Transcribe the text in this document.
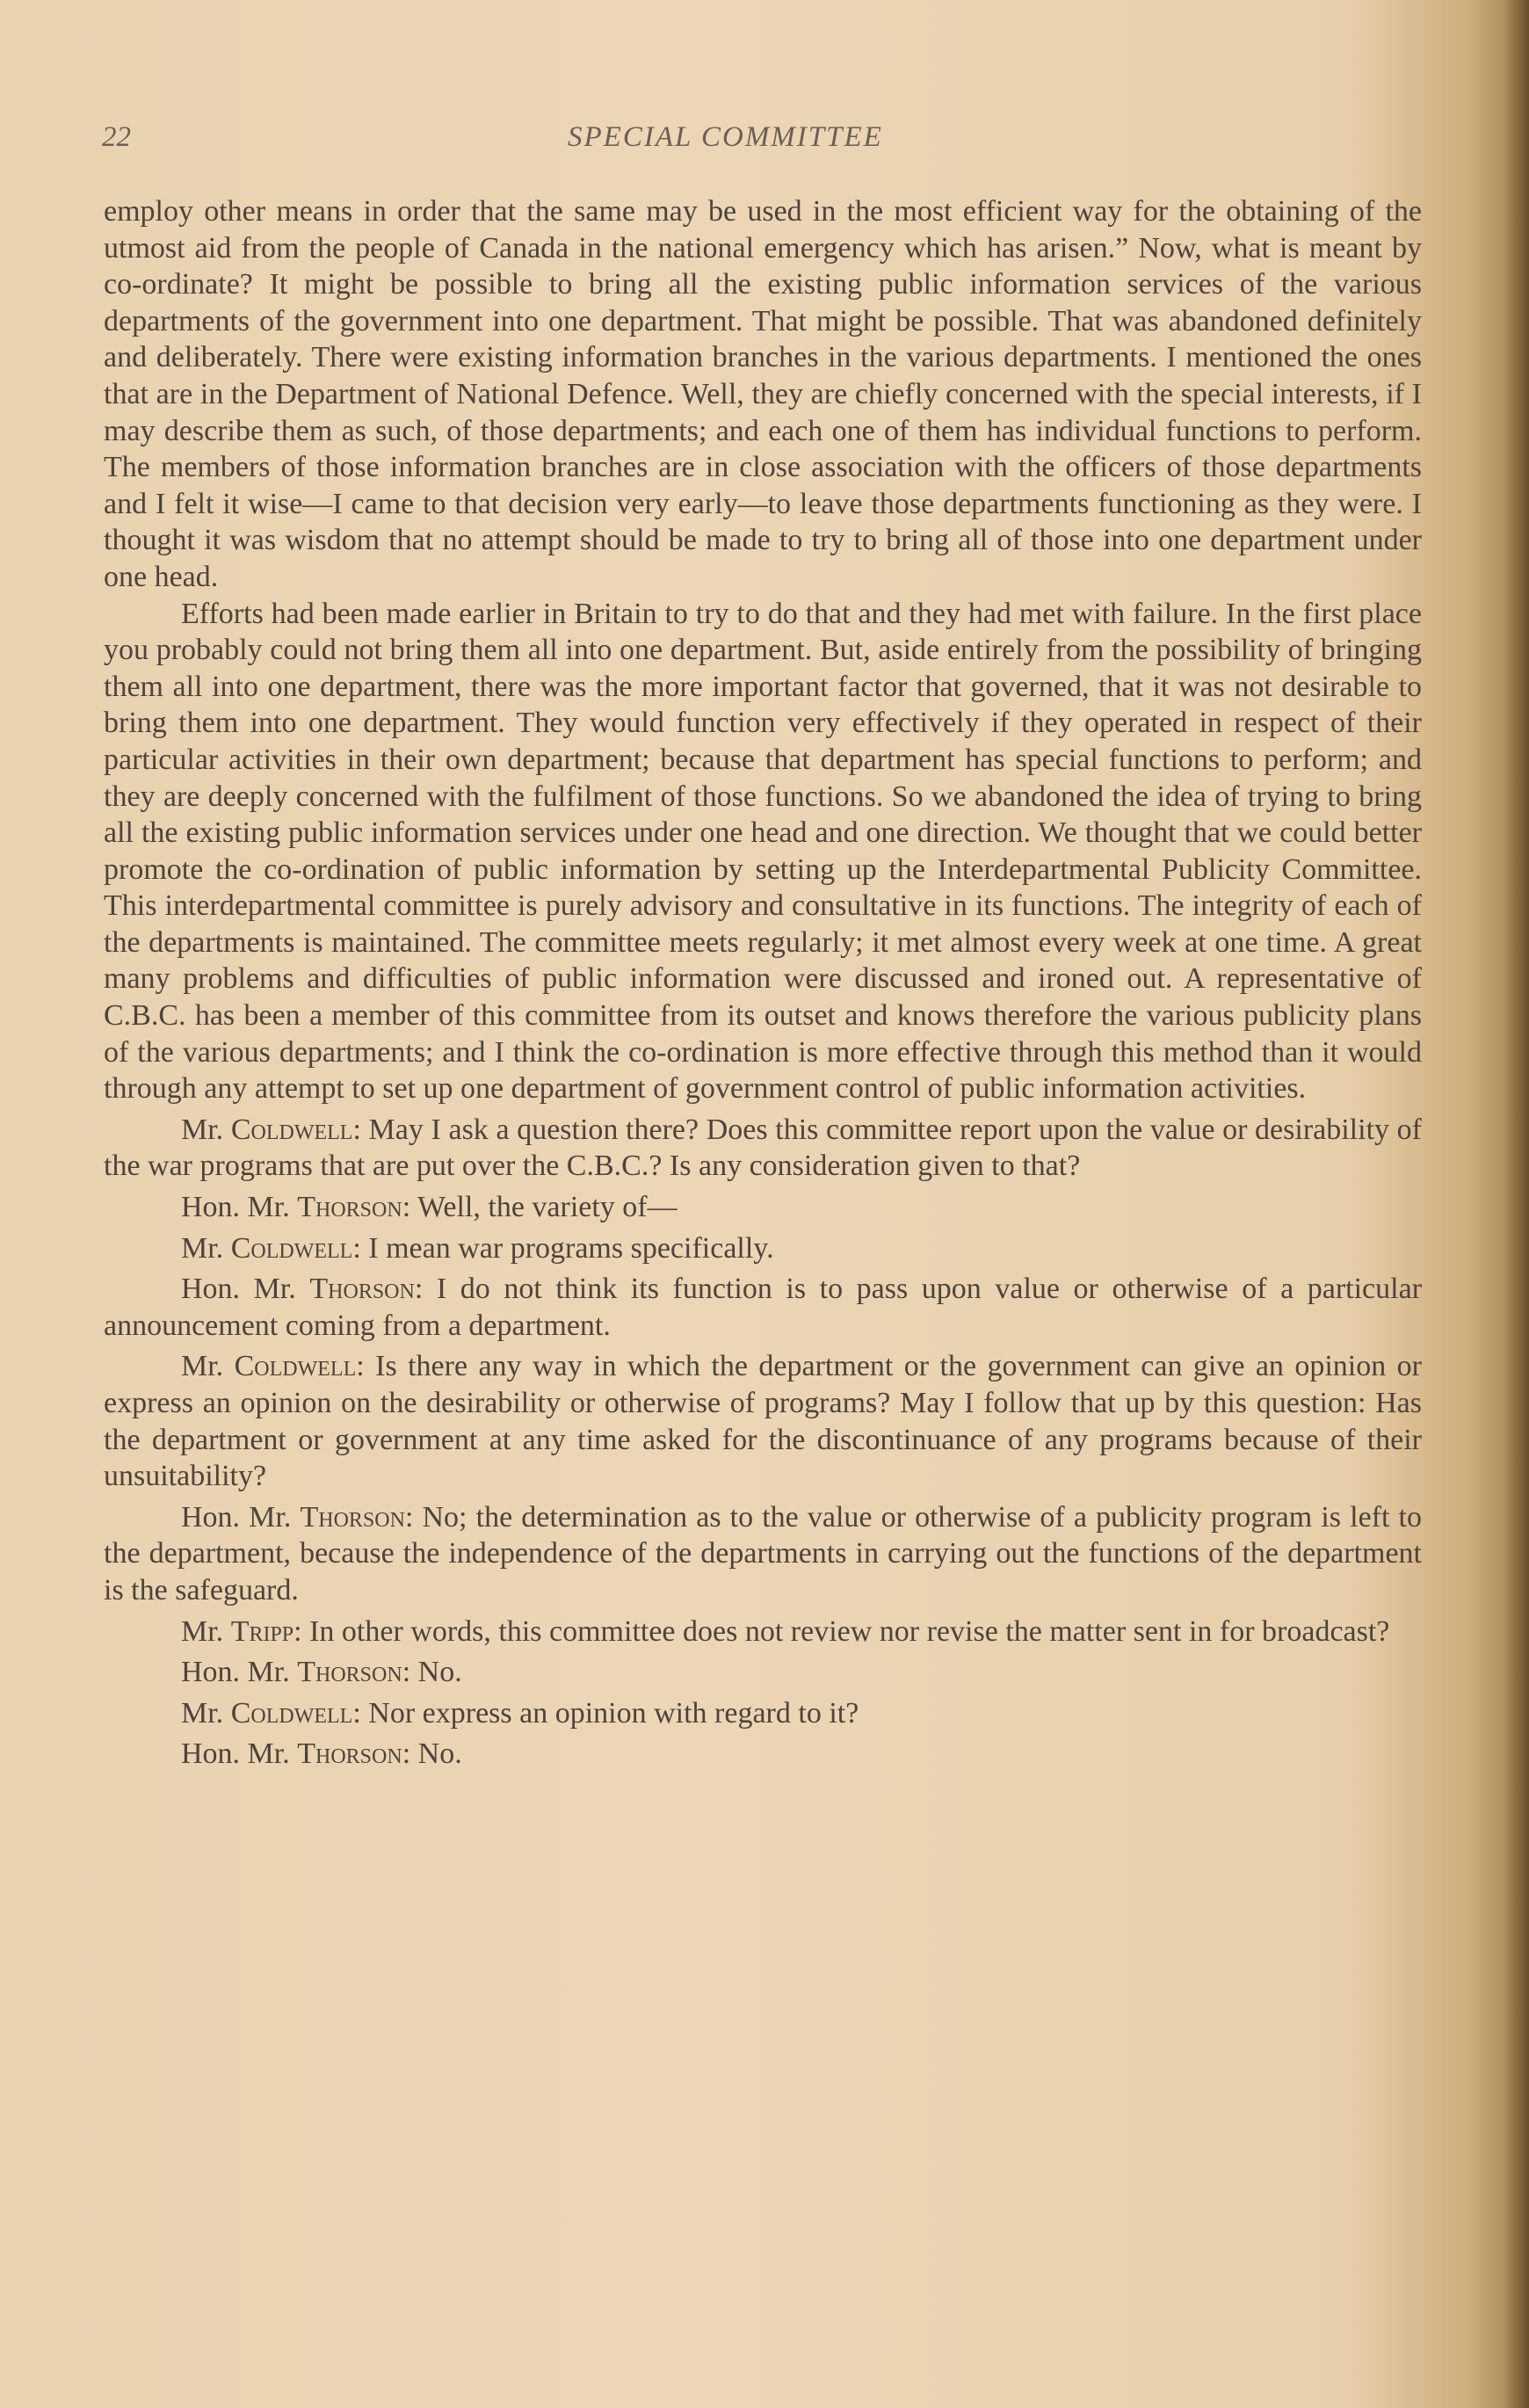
22	SPECIAL COMMITTEE

employ other means in order that the same may be used in the most efficient way for the obtaining of the utmost aid from the people of Canada in the national emergency which has arisen.” Now, what is meant by co-ordinate? It might be possible to bring all the existing public information services of the various departments of the government into one department. That might be possible. That was abandoned definitely and deliberately. There were existing information branches in the various departments. I mentioned the ones that are in the Department of National Defence. Well, they are chiefly concerned with the special interests, if I may describe them as such, of those departments; and each one of them has individual functions to perform. The members of those information branches are in close association with the officers of those departments and I felt it wise—I came to that decision very early—to leave those departments functioning as they were. I thought it was wisdom that no attempt should be made to try to bring all of those into one department under one head.

Efforts had been made earlier in Britain to try to do that and they had met with failure. In the first place you probably could not bring them all into one department. But, aside entirely from the possibility of bringing them all into one department, there was the more important factor that governed, that it was not desirable to bring them into one department. They would function very effectively if they operated in respect of their particular activities in their own department; because that department has special functions to perform; and they are deeply concerned with the fulfilment of those functions. So we abandoned the idea of trying to bring all the existing public information services under one head and one direction. We thought that we could better promote the co-ordination of public information by setting up the Interdepartmental Publicity Committee. This interdepartmental committee is purely advisory and consultative in its functions. The integrity of each of the departments is maintained. The committee meets regularly; it met almost every week at one time. A great many problems and difficulties of public information were discussed and ironed out. A representative of C.B.C. has been a member of this committee from its outset and knows therefore the various publicity plans of the various departments; and I think the co-ordination is more effective through this method than it would through any attempt to set up one department of government control of public information activities.

Mr. Coldwell: May I ask a question there? Does this committee report upon the value or desirability of the war programs that are put over the C.B.C.? Is any consideration given to that?

Hon. Mr. Thorson: Well, the variety of—

Mr. Coldwell: I mean war programs specifically.

Hon. Mr. Thorson: I do not think its function is to pass upon value or otherwise of a particular announcement coming from a department.

Mr. Coldwell: Is there any way in which the department or the government can give an opinion or express an opinion on the desirability or otherwise of programs? May I follow that up by this question: Has the department or government at any time asked for the discontinuance of any programs because of their unsuitability?

Hon. Mr. Thorson: No; the determination as to the value or otherwise of a publicity program is left to the department, because the independence of the departments in carrying out the functions of the department is the safeguard.

Mr. Tripp: In other words, this committee does not review nor revise the matter sent in for broadcast?

Hon. Mr. Thorson: No.

Mr. Coldwell: Nor express an opinion with regard to it?

Hon. Mr. Thorson: No.
